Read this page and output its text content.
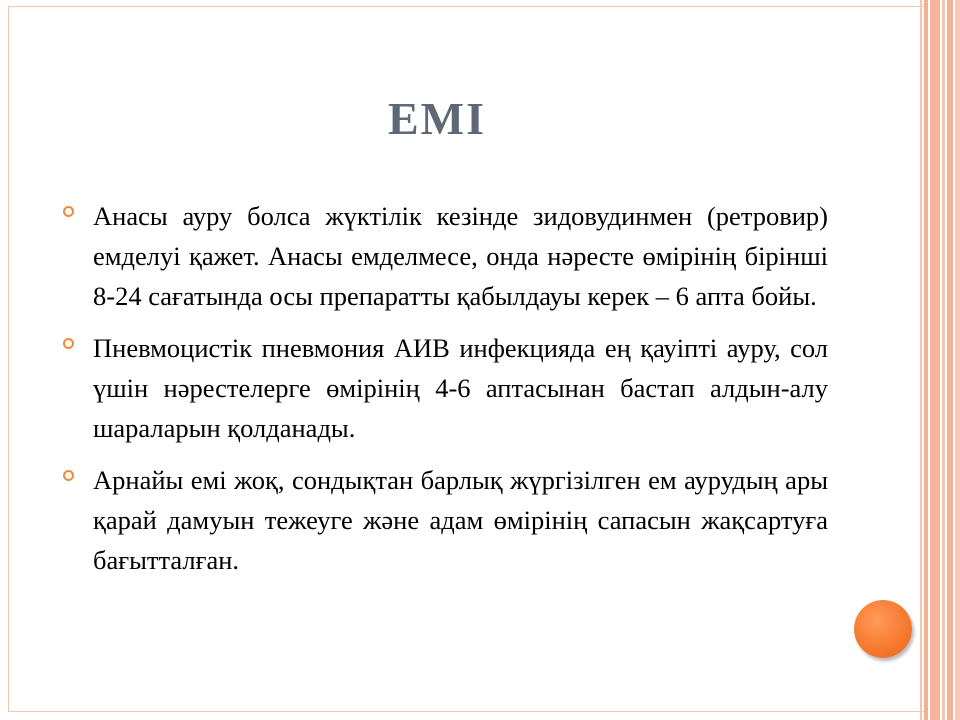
ЕМІ
Анасы ауру болса жүктілік кезінде зидовудинмен (ретровир) емделуі қажет. Анасы емделмесе, онда нәресте өмірінің бірінші 8-24 сағатында осы препаратты қабылдауы керек – 6 апта бойы.
Пневмоцистік пневмония АИВ инфекцияда ең қауіпті ауру, сол үшін нәрестелерге өмірінің 4-6 аптасынан бастап алдын-алу шараларын қолданады.
Арнайы емі жоқ, сондықтан барлық жүргізілген ем аурудың ары қарай дамуын тежеуге және адам өмірінің сапасын жақсартуға бағытталған.
